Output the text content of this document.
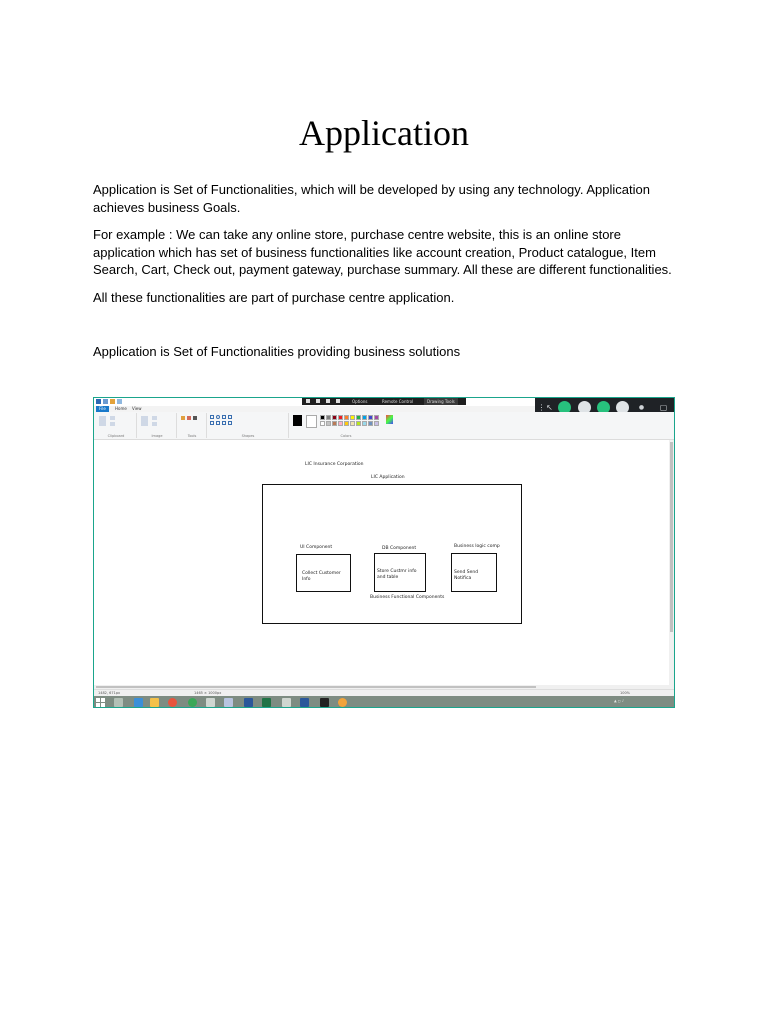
Application

Application is Set of Functionalities, which will be developed by using any technology. Application achieves business Goals.

For example : We can take any online store, purchase centre website, this is an online store application which has set of business functionalities like account creation, Product catalogue, Item Search, Cart, Check out, payment gateway, purchase summary. All these are different functionalities.

All these functionalities are part of purchase centre application.

Application is Set of Functionalities providing business solutions

Options	Remote Control	Drawing Tools
⋮ ↖	● ▢
File	Home View
Clipboard	Image	Tools	Shapes	Colors
LIC Insurance Corporation
LIC Application
UI Component
Collect Customer Info
DB Component
Store Custmr info and table
Business logic comp
Send Send Notifica
Business Functional Components
1482, 671px	1465 × 1000px	100%
▲ ◻ ♪
